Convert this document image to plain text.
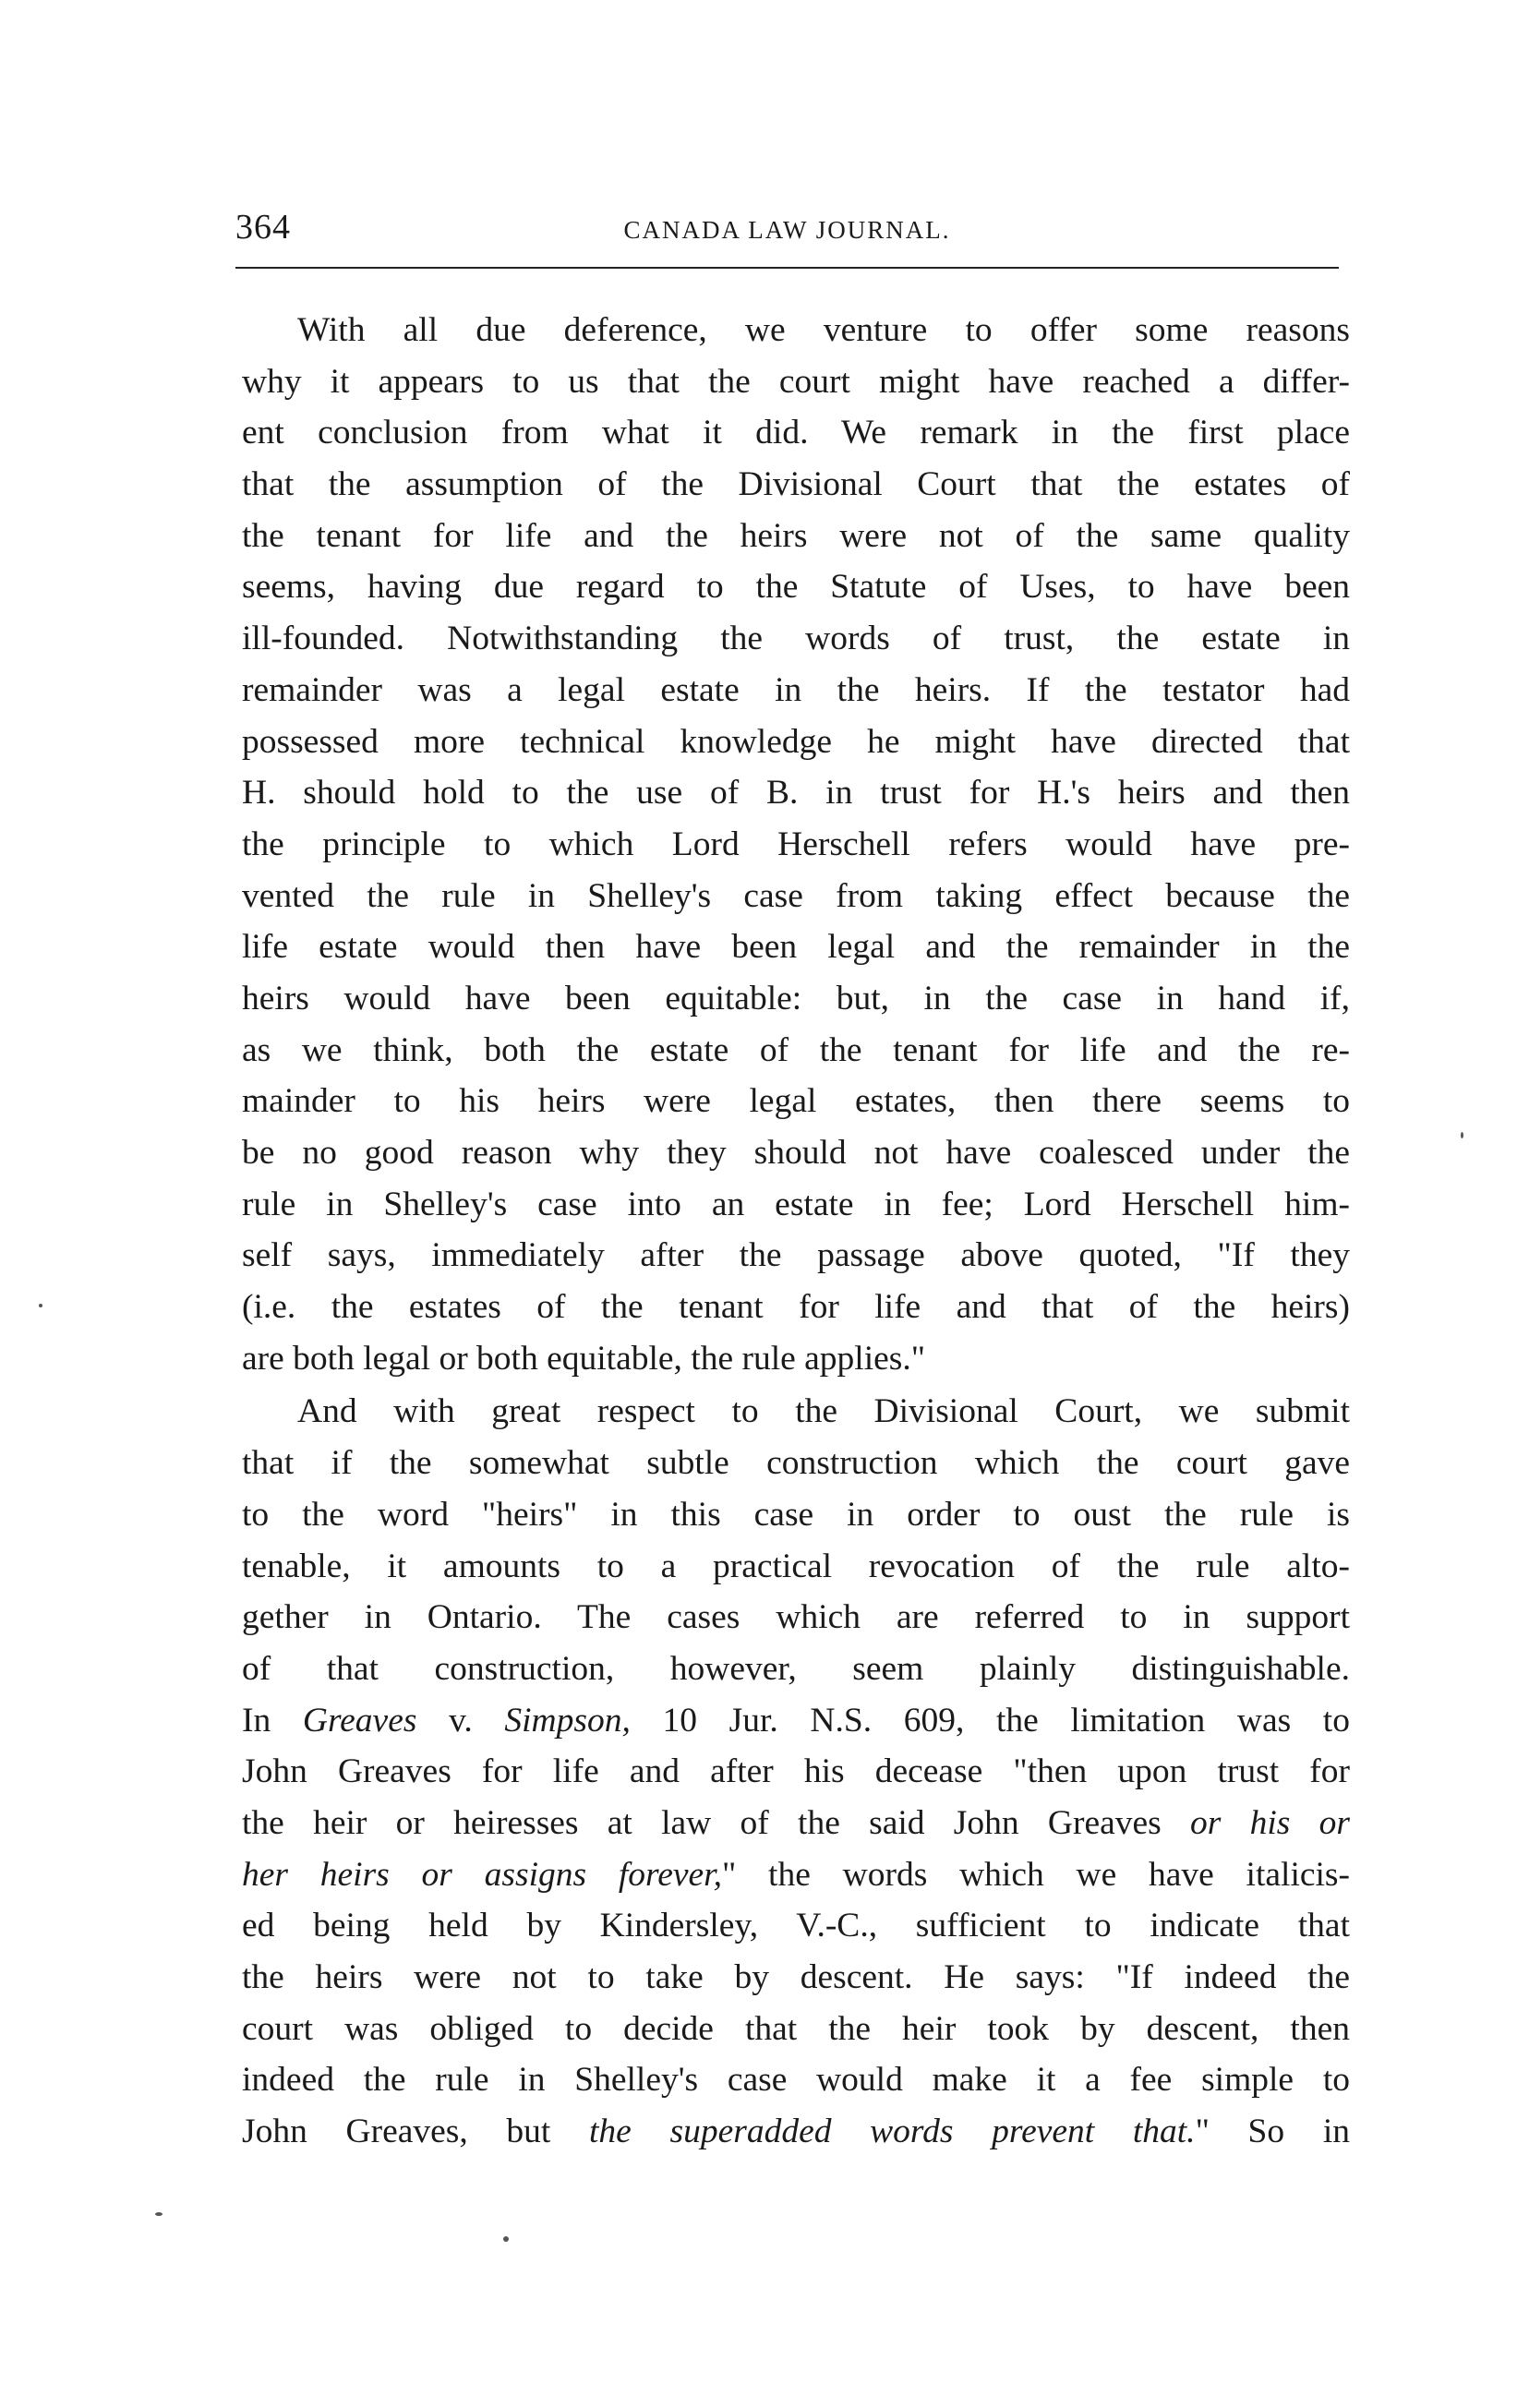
364	CANADA LAW JOURNAL.
With all due deference, we venture to offer some reasons
why it appears to us that the court might have reached a differ-
ent conclusion from what it did. We remark in the first place
that the assumption of the Divisional Court that the estates of
the tenant for life and the heirs were not of the same quality
seems, having due regard to the Statute of Uses, to have been
ill-founded. Notwithstanding the words of trust, the estate in
remainder was a legal estate in the heirs. If the testator had
possessed more technical knowledge he might have directed that
H. should hold to the use of B. in trust for H.'s heirs and then
the principle to which Lord Herschell refers would have pre-
vented the rule in Shelley's case from taking effect because the
life estate would then have been legal and the remainder in the
heirs would have been equitable: but, in the case in hand if,
as we think, both the estate of the tenant for life and the re-
mainder to his heirs were legal estates, then there seems to
be no good reason why they should not have coalesced under the
rule in Shelley's case into an estate in fee; Lord Herschell him-
self says, immediately after the passage above quoted, "If they
(i.e. the estates of the tenant for life and that of the heirs)
are both legal or both equitable, the rule applies."
And with great respect to the Divisional Court, we submit
that if the somewhat subtle construction which the court gave
to the word "heirs" in this case in order to oust the rule is
tenable, it amounts to a practical revocation of the rule alto-
gether in Ontario. The cases which are referred to in support
of that construction, however, seem plainly distinguishable.
In Greaves v. Simpson, 10 Jur. N.S. 609, the limitation was to
John Greaves for life and after his decease "then upon trust for
the heir or heiresses at law of the said John Greaves or his or
her heirs or assigns forever," the words which we have italicis-
ed being held by Kindersley, V.-C., sufficient to indicate that
the heirs were not to take by descent. He says: "If indeed the
court was obliged to decide that the heir took by descent, then
indeed the rule in Shelley's case would make it a fee simple to
John Greaves, but the superadded words prevent that." So in
